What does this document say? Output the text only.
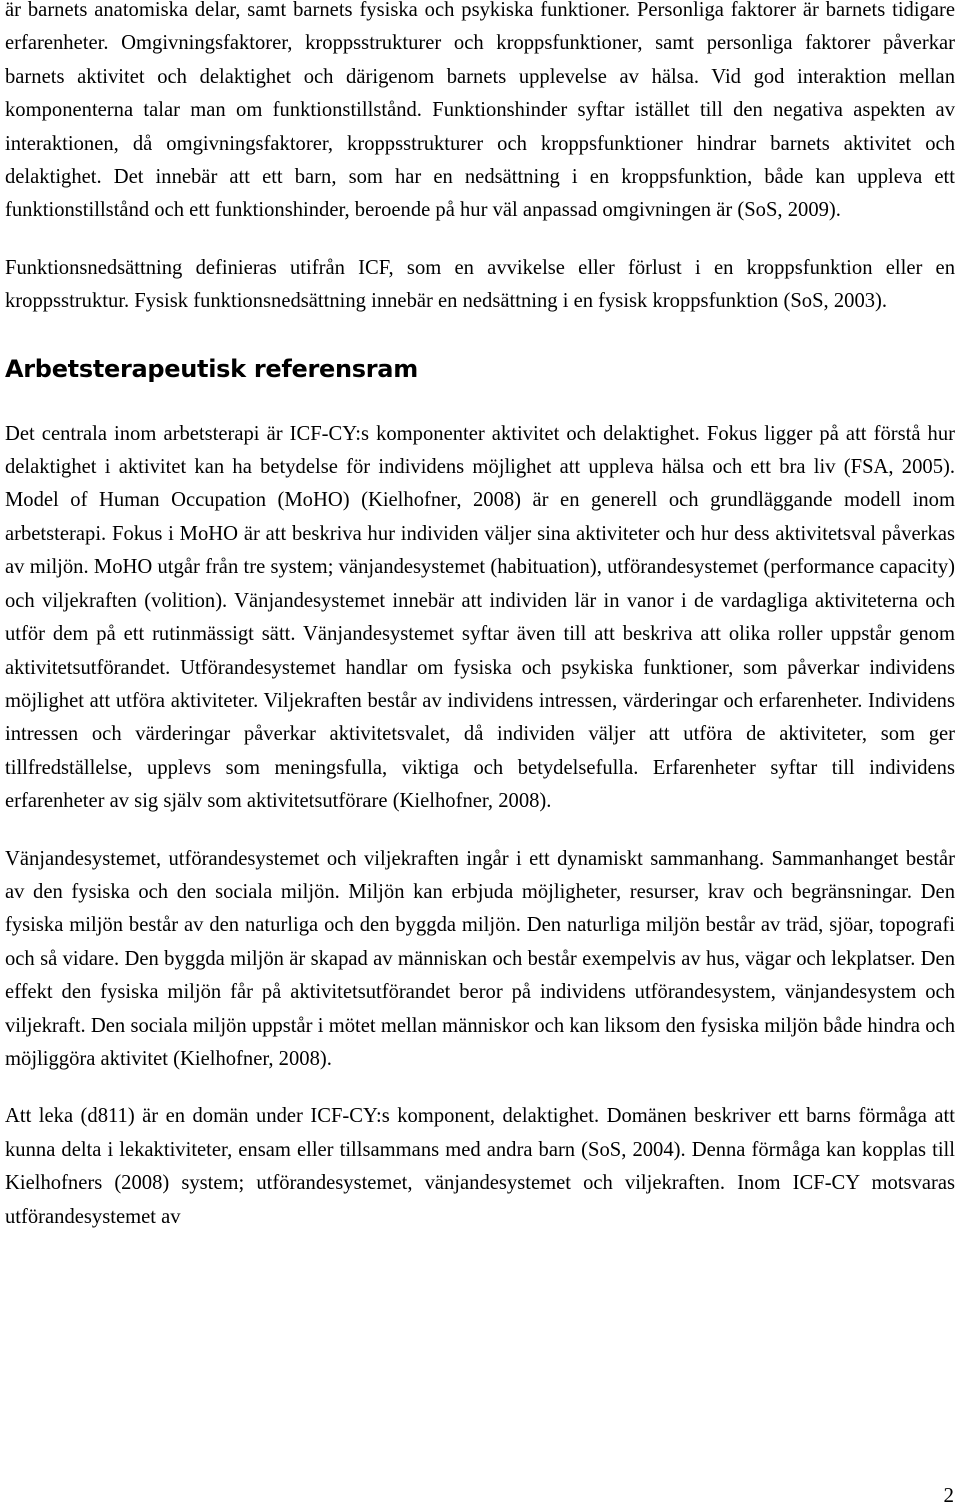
är barnets anatomiska delar, samt barnets fysiska och psykiska funktioner. Personliga faktorer är barnets tidigare erfarenheter. Omgivningsfaktorer, kroppsstrukturer och kroppsfunktioner, samt personliga faktorer påverkar barnets aktivitet och delaktighet och därigenom barnets upplevelse av hälsa. Vid god interaktion mellan komponenterna talar man om funktionstillstånd. Funktionshinder syftar istället till den negativa aspekten av interaktionen, då omgivningsfaktorer, kroppsstrukturer och kroppsfunktioner hindrar barnets aktivitet och delaktighet. Det innebär att ett barn, som har en nedsättning i en kroppsfunktion, både kan uppleva ett funktionstillstånd och ett funktionshinder, beroende på hur väl anpassad omgivningen är (SoS, 2009).

Funktionsnedsättning definieras utifrån ICF, som en avvikelse eller förlust i en kroppsfunktion eller en kroppsstruktur. Fysisk funktionsnedsättning innebär en nedsättning i en fysisk kroppsfunktion (SoS, 2003).

Arbetsterapeutisk referensram

Det centrala inom arbetsterapi är ICF-CY:s komponenter aktivitet och delaktighet. Fokus ligger på att förstå hur delaktighet i aktivitet kan ha betydelse för individens möjlighet att uppleva hälsa och ett bra liv (FSA, 2005). Model of Human Occupation (MoHO) (Kielhofner, 2008) är en generell och grundläggande modell inom arbetsterapi. Fokus i MoHO är att beskriva hur individen väljer sina aktiviteter och hur dess aktivitetsval påverkas av miljön. MoHO utgår från tre system; vänjandesystemet (habituation), utförandesystemet (performance capacity) och viljekraften (volition). Vänjandesystemet innebär att individen lär in vanor i de vardagliga aktiviteterna och utför dem på ett rutinmässigt sätt. Vänjandesystemet syftar även till att beskriva att olika roller uppstår genom aktivitetsutförandet. Utförandesystemet handlar om fysiska och psykiska funktioner, som påverkar individens möjlighet att utföra aktiviteter. Viljekraften består av individens intressen, värderingar och erfarenheter. Individens intressen och värderingar påverkar aktivitetsvalet, då individen väljer att utföra de aktiviteter, som ger tillfredställelse, upplevs som meningsfulla, viktiga och betydelsefulla. Erfarenheter syftar till individens erfarenheter av sig själv som aktivitetsutförare (Kielhofner, 2008).

Vänjandesystemet, utförandesystemet och viljekraften ingår i ett dynamiskt sammanhang. Sammanhanget består av den fysiska och den sociala miljön. Miljön kan erbjuda möjligheter, resurser, krav och begränsningar. Den fysiska miljön består av den naturliga och den byggda miljön. Den naturliga miljön består av träd, sjöar, topografi och så vidare. Den byggda miljön är skapad av människan och består exempelvis av hus, vägar och lekplatser. Den effekt den fysiska miljön får på aktivitetsutförandet beror på individens utförandesystem, vänjandesystem och viljekraft. Den sociala miljön uppstår i mötet mellan människor och kan liksom den fysiska miljön både hindra och möjliggöra aktivitet (Kielhofner, 2008).

Att leka (d811) är en domän under ICF-CY:s komponent, delaktighet. Domänen beskriver ett barns förmåga att kunna delta i lekaktiviteter, ensam eller tillsammans med andra barn (SoS, 2004). Denna förmåga kan kopplas till Kielhofners (2008) system; utförandesystemet, vänjandesystemet och viljekraften. Inom ICF-CY motsvaras utförandesystemet av

2
